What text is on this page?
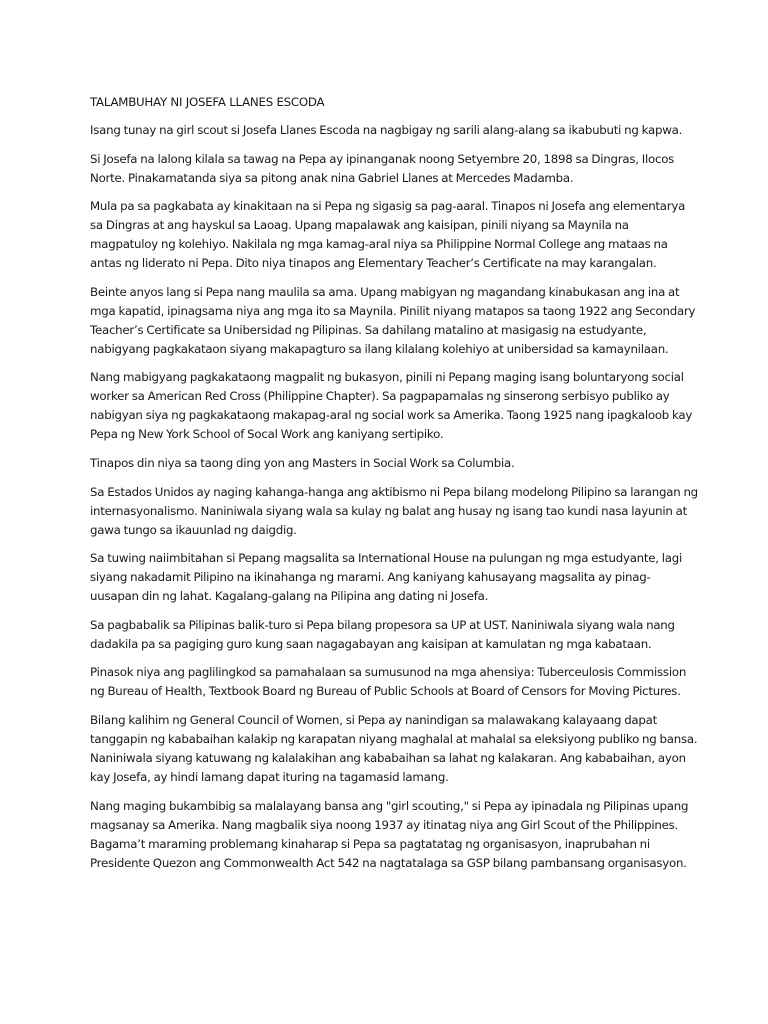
TALAMBUHAY NI JOSEFA LLANES ESCODA

Isang tunay na girl scout si Josefa Llanes Escoda na nagbigay ng sarili alang-alang sa ikabubuti ng kapwa.

Si Josefa na lalong kilala sa tawag na Pepa ay ipinanganak noong Setyembre 20, 1898 sa Dingras, Ilocos Norte. Pinakamatanda siya sa pitong anak nina Gabriel Llanes at Mercedes Madamba.

Mula pa sa pagkabata ay kinakitaan na si Pepa ng sigasig sa pag-aaral. Tinapos ni Josefa ang elementarya sa Dingras at ang hayskul sa Laoag. Upang mapalawak ang kaisipan, pinili niyang sa Maynila na magpatuloy ng kolehiyo. Nakilala ng mga kamag-aral niya sa Philippine Normal College ang mataas na antas ng liderato ni Pepa. Dito niya tinapos ang Elementary Teacher’s Certificate na may karangalan.

Beinte anyos lang si Pepa nang maulila sa ama. Upang mabigyan ng magandang kinabukasan ang ina at mga kapatid, ipinagsama niya ang mga ito sa Maynila. Pinilit niyang matapos sa taong 1922 ang Secondary Teacher’s Certificate sa Unibersidad ng Pilipinas. Sa dahilang matalino at masigasig na estudyante, nabigyang pagkakataon siyang makapagturo sa ilang kilalang kolehiyo at unibersidad sa kamaynilaan.

Nang mabigyang pagkakataong magpalit ng bukasyon, pinili ni Pepang maging isang boluntaryong social worker sa American Red Cross (Philippine Chapter). Sa pagpapamalas ng sinserong serbisyo publiko ay nabigyan siya ng pagkakataong makapag-aral ng social work sa Amerika. Taong 1925 nang ipagkaloob kay Pepa ng New York School of Socal Work ang kaniyang sertipiko.

Tinapos din niya sa taong ding yon ang Masters in Social Work sa Columbia.

Sa Estados Unidos ay naging kahanga-hanga ang aktibismo ni Pepa bilang modelong Pilipino sa larangan ng internasyonalismo. Naniniwala siyang wala sa kulay ng balat ang husay ng isang tao kundi nasa layunin at gawa tungo sa ikauunlad ng daigdig.

Sa tuwing naiimbitahan si Pepang magsalita sa International House na pulungan ng mga estudyante, lagi siyang nakadamit Pilipino na ikinahanga ng marami. Ang kaniyang kahusayang magsalita ay pinag-uusapan din ng lahat. Kagalang-galang na Pilipina ang dating ni Josefa.

Sa pagbabalik sa Pilipinas balik-turo si Pepa bilang propesora sa UP at UST. Naniniwala siyang wala nang dadakila pa sa pagiging guro kung saan nagagabayan ang kaisipan at kamulatan ng mga kabataan.

Pinasok niya ang paglilingkod sa pamahalaan sa sumusunod na mga ahensiya: Tuberceulosis Commission ng Bureau of Health, Textbook Board ng Bureau of Public Schools at Board of Censors for Moving Pictures.

Bilang kalihim ng General Council of Women, si Pepa ay nanindigan sa malawakang kalayaang dapat tanggapin ng kababaihan kalakip ng karapatan niyang maghalal at mahalal sa eleksiyong publiko ng bansa. Naniniwala siyang katuwang ng kalalakihan ang kababaihan sa lahat ng kalakaran. Ang kababaihan, ayon kay Josefa, ay hindi lamang dapat ituring na tagamasid lamang.

Nang maging bukambibig sa malalayang bansa ang "girl scouting," si Pepa ay ipinadala ng Pilipinas upang magsanay sa Amerika. Nang magbalik siya noong 1937 ay itinatag niya ang Girl Scout of the Philippines. Bagama’t maraming problemang kinaharap si Pepa sa pagtatatag ng organisasyon, inaprubahan ni Presidente Quezon ang Commonwealth Act 542 na nagtatalaga sa GSP bilang pambansang organisasyon.
